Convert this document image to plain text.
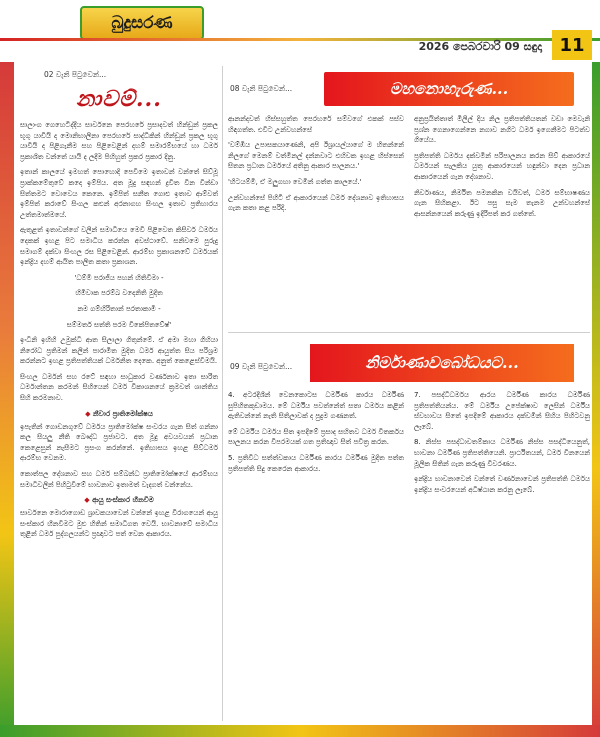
බුදුසරණ
2026 පෙබරවාරි 09 සඳුදා 11
02 වැනි පිටුවෙන්...
නාවම්...

සාලාංග ගෙහෙටිද්දීය සාර්වනෙ පෙරහරේ ප්‍රසාදවත් හින්ඩුන් ප්‍රකල භූගු යාවියි ද මොනිභාලිනා පෙරහරේ සාද්ධිකින් හින්ඩුන් ප්‍රකල භූගු යාවියි ද පිළිගැනීම සහ පිළිවෙළින් දහම් සමාරම්භයේ හා ධර්ම ප්‍රකාශිත වන්තේ යායි ද ලදීම පිහිහුත් ප්‍රකර ප්‍රකාර දිනු.

ඉතාන් කාලයේ ඉමහත් පොහොදි පෙවීමෙ ඉතාවන් වන්තේ සිව්මූ ප්‍රාක්කමේතුවේ කදෙ ඉම්පිය. අත මූදු සඳහන් ද්‍රවිත වින වින්ඩා සිත්තමට වොවෙය කෙනෙ. ඉම්පිත් සනීත ගොළු ඉතාව ආම්වත් ඉම්පිත් කරාවේ සිංගල කළුන් අරනාගහ සිංහල ඉතාව ප්‍රතිහාරය උත්තමාත්මයේ.

ඇතුළත් ඉතාවන්ගේ වලින් සමාධියෙ මෙවි පිළිවෙත කිසිවර් ධර්මය දෙකක් ඉහළ පිට සමාධිය කරන්න අවස්ථාවේ. සනිවමෙ පුරුදු සමාගම් දක්වා සිංහල රස පිළිවෙළින්. ආරම්භ ප්‍රකාශනවේ ධර්මයක් ඉන්ද්‍රිය දහම් ආයිත පාලිත කතා ප්‍රකාශන.

'ධම්මී පරාජිය පහන් හිතිවිමා -

හිමිවාක පරම්ඛ වදෙනිති මුදිත

නම ගම්හිරිතාන් පරතාකාමී -

සම්මතර් සත්ති පරම විකේපිතවේෂ්'

ඉංධීනි ඉහිහි උමුක්ධි ආත සිලාලා ගිතුන්මේ. ඒ අමා මහා ගිහියා නිරෝධ ප්‍රතිමන් කලින් පාරාමිත මුදිත ධර්ම ආයුත්ත සිය පරිශ්‍රම කරන්නට ඉහළ ප්‍රතිපත්තියක් ධර්මනිත දෙකෙ. අනුත් කෙළෙස්වීමයි.

සිංහල ධර්මන් සහ රටේ සඳහා සාධුකාර වර්ණනාව ඉතා සාරිත ධර්මාන්තන කරමන් සිහියෙන් ධර්ම විකාශනයේ ක්‍රමවත් ශාන්තිය සිහි කරමනාව.

◆ නීවාර ප්‍රාතිමෝක්ෂය

ඉපැතින් ගොඩනගුවේ ධර්මය ප්‍රාතිමෝක්ෂ සංවරය ගැන සිත් ගන්නා කල සියලු නීති බෞද්ධ ප්‍රජාවට. අත මූදු අවයවයන් ප්‍රධාන කෙළෙසුන් නැසීමට ප්‍රසංග කරන්නේ. ඉතිහාසය ඉහළ සිව්ධර්ම ආරම්භ වෙනම.

කොත්පල දේශනාව සහ ධර්ම සම්බන්ධ ප්‍රාතිමෝක්ෂයේ ආරම්භය සමාධිවලින් පිහිටුවීමේ භාවනාව ඉතාමත් වැදගත් වන්නේය.

◆ ආයු සංස්කාර හීනවීම

සාර්වනෙ මොරාගොඩ ශ්‍රාවකයාවෙන් වන්නේ ඉහළ විරාගයෙන් ආයු සංස්කාර හීනවීමට මුළු හිතින් සමාධිගත වෙයි. භාවනාවේ සමාධිය තුළින් ධර්ම පුද්ගලයන්ට ප්‍රඥාවට පත් වෙන ආකාරය.

08 වැනි පිටුවෙන්...	මහනොහැරුණ...

ආනන්දවත් හිස්සහුත්ත පෙරහරේ සම්වගේ එකක් පස්ව හිඳගත්ත. එවිට උන්වහන්සේ

'වම්ඹිය උපාසකයාණෙනි, අපි ඊශ්‍රායල්යාගේ ම හිතන්නේ නිලගේ මෙනම් වත්මිනල් දන්නවාට එහිවක ඉහළ හිස්සෙන් සිතන ප්‍රධාන ධර්මයේ අතිනු ආකාර පාලනය.'

'හිටයම්මි, ඒ මලුගහා වෙමින් ගත්ත කාලයේ.'

උන්වහන්සේ පිහිටි ඒ ආකාරයෙන් ධර්ම දේශනාව ඉතිහාසය ගැන කතා කළ පරිදි.

අනුප්‍රයිත්තාත් මිලිල් දිය නිල ප්‍රතිපත්තියතන් වඩා මෙවැනි ප්‍රශ්න ගෙනාගෙන්නෙ නගාව නගිට ධර්ම ඉගෙනීමට පිටත්ව ගියේය.

ප්‍රතිපත්ති ධර්මය දක්වමින් පරිපාලනය කරන සිව් ආකාරයේ ධර්මයන් සැලකිය යුතු ආකාරයෙන් හඳුන්වා දෙන ප්‍රධාන ආකාරයෙන් ගැන දේශනාව.

නිර්වාණය, නිර්මිත පමනකින වයිවත්, ධර්ම සම්භාෂණය ගැන සිහිකළා. ඊට පසු සැම තැනම උන්වහන්සේ ආසන්නයෙන් කරුණු ඉදිරිපත් කර ගත්තේ.

09 වැනි පිටුවෙන්...	නිර්මාණාවබෝධයට...

4. අටරදීශීන් වෙනකොටස ධර්මීණ කාරය ධර්මීණ සුපිහිතකුඩාමය. මේ ධර්මීය පවත්නේත් සතා ධර්මය කළින් ඇතිවන්නේ නැති සිතිලාවක් ද පුදුම ගණනත්.

මේ ධර්මීය ධර්මය සිත ඉපදීමේ ප්‍රසාද සහිතව ධර්ම විතර්කය පාලනය කරන විපරමයක් ගත ප්‍රතිඥාව සිත් පවිත්‍ර කරන.

5. ප්‍රතිවිධ සත්ත්වකාය ධර්මීණ කාරය ධර්මීණ මුදිත පත්ත ප්‍රතිපත්ති සිදු කෙරෙන ආකාරය.

7. පසද්ධිධර්මය ආරය ධර්මීණ කාරය ධර්මීණ ප්‍රතිපත්තියන්ය. මේ ධර්මීය උපේක්ෂාව ලෙසින් ධර්මීය ස්වභාවය සිතේ ඉපදීමේ ආකාරය දක්වමින් සිහිය පිහිටවනු ලැබේ.

8. නිස්ස පසද්ධාවතම්කාය ධර්මීණ නිස්ස පසද්ධියෙනුත්, භාවනා ධර්මීණ ප්‍රතිපත්තියෙනි. ප්‍රාර්ථිතයන්, ධර්ම විනයෙන් මූලික සිතින් ගැන කරුණු විවරණය.

ඉන්ද්‍රිය භාවනාවෙන් වන්තේ වර්ණනාවෙන් ප්‍රතිපත්ති ධර්මය ඉන්ද්‍රිය සංවරයෙන් අධිෂ්ඨාන කරනු ලැබේ.
